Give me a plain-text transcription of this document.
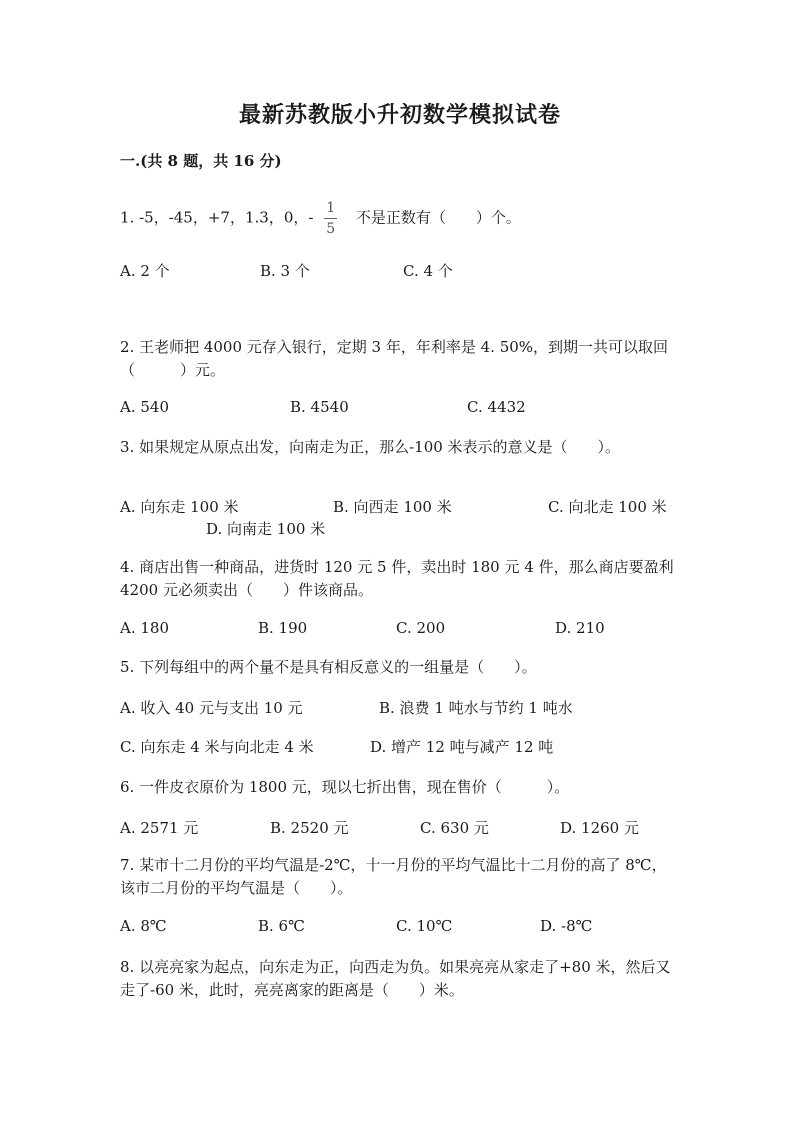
最新苏教版小升初数学模拟试卷
一.(共 8 题，共 16 分)
1. -5，-45，+7，1.3，0，- $\frac{1}{5}$ 不是正数有（　　）个。
A. 2 个	B. 3 个	C. 4 个
2. 王老师把 4000 元存入银行，定期 3 年，年利率是 4. 50%，到期一共可以取回（　　　）元。
A. 540	B. 4540	C. 4432
3. 如果规定从原点出发，向南走为正，那么-100 米表示的意义是（　　）。
A. 向东走 100 米	B. 向西走 100 米	C. 向北走 100 米
D. 向南走 100 米
4. 商店出售一种商品，进货时 120 元 5 件，卖出时 180 元 4 件，那么商店要盈利 4200 元必须卖出（　　）件该商品。
A. 180	B. 190	C. 200	D. 210
5. 下列每组中的两个量不是具有相反意义的一组量是（　　）。
A. 收入 40 元与支出 10 元	B. 浪费 1 吨水与节约 1 吨水
C. 向东走 4 米与向北走 4 米	D. 增产 12 吨与减产 12 吨
6. 一件皮衣原价为 1800 元，现以七折出售，现在售价（　　　）。
A. 2571 元	B. 2520 元	C. 630 元	D. 1260 元
7. 某市十二月份的平均气温是-2℃，十一月份的平均气温比十二月份的高了 8℃，该市二月份的平均气温是（　　）。
A. 8℃	B. 6℃	C. 10℃	D. -8℃
8. 以亮亮家为起点，向东走为正，向西走为负。如果亮亮从家走了+80 米，然后又走了-60 米，此时，亮亮离家的距离是（　　）米。
